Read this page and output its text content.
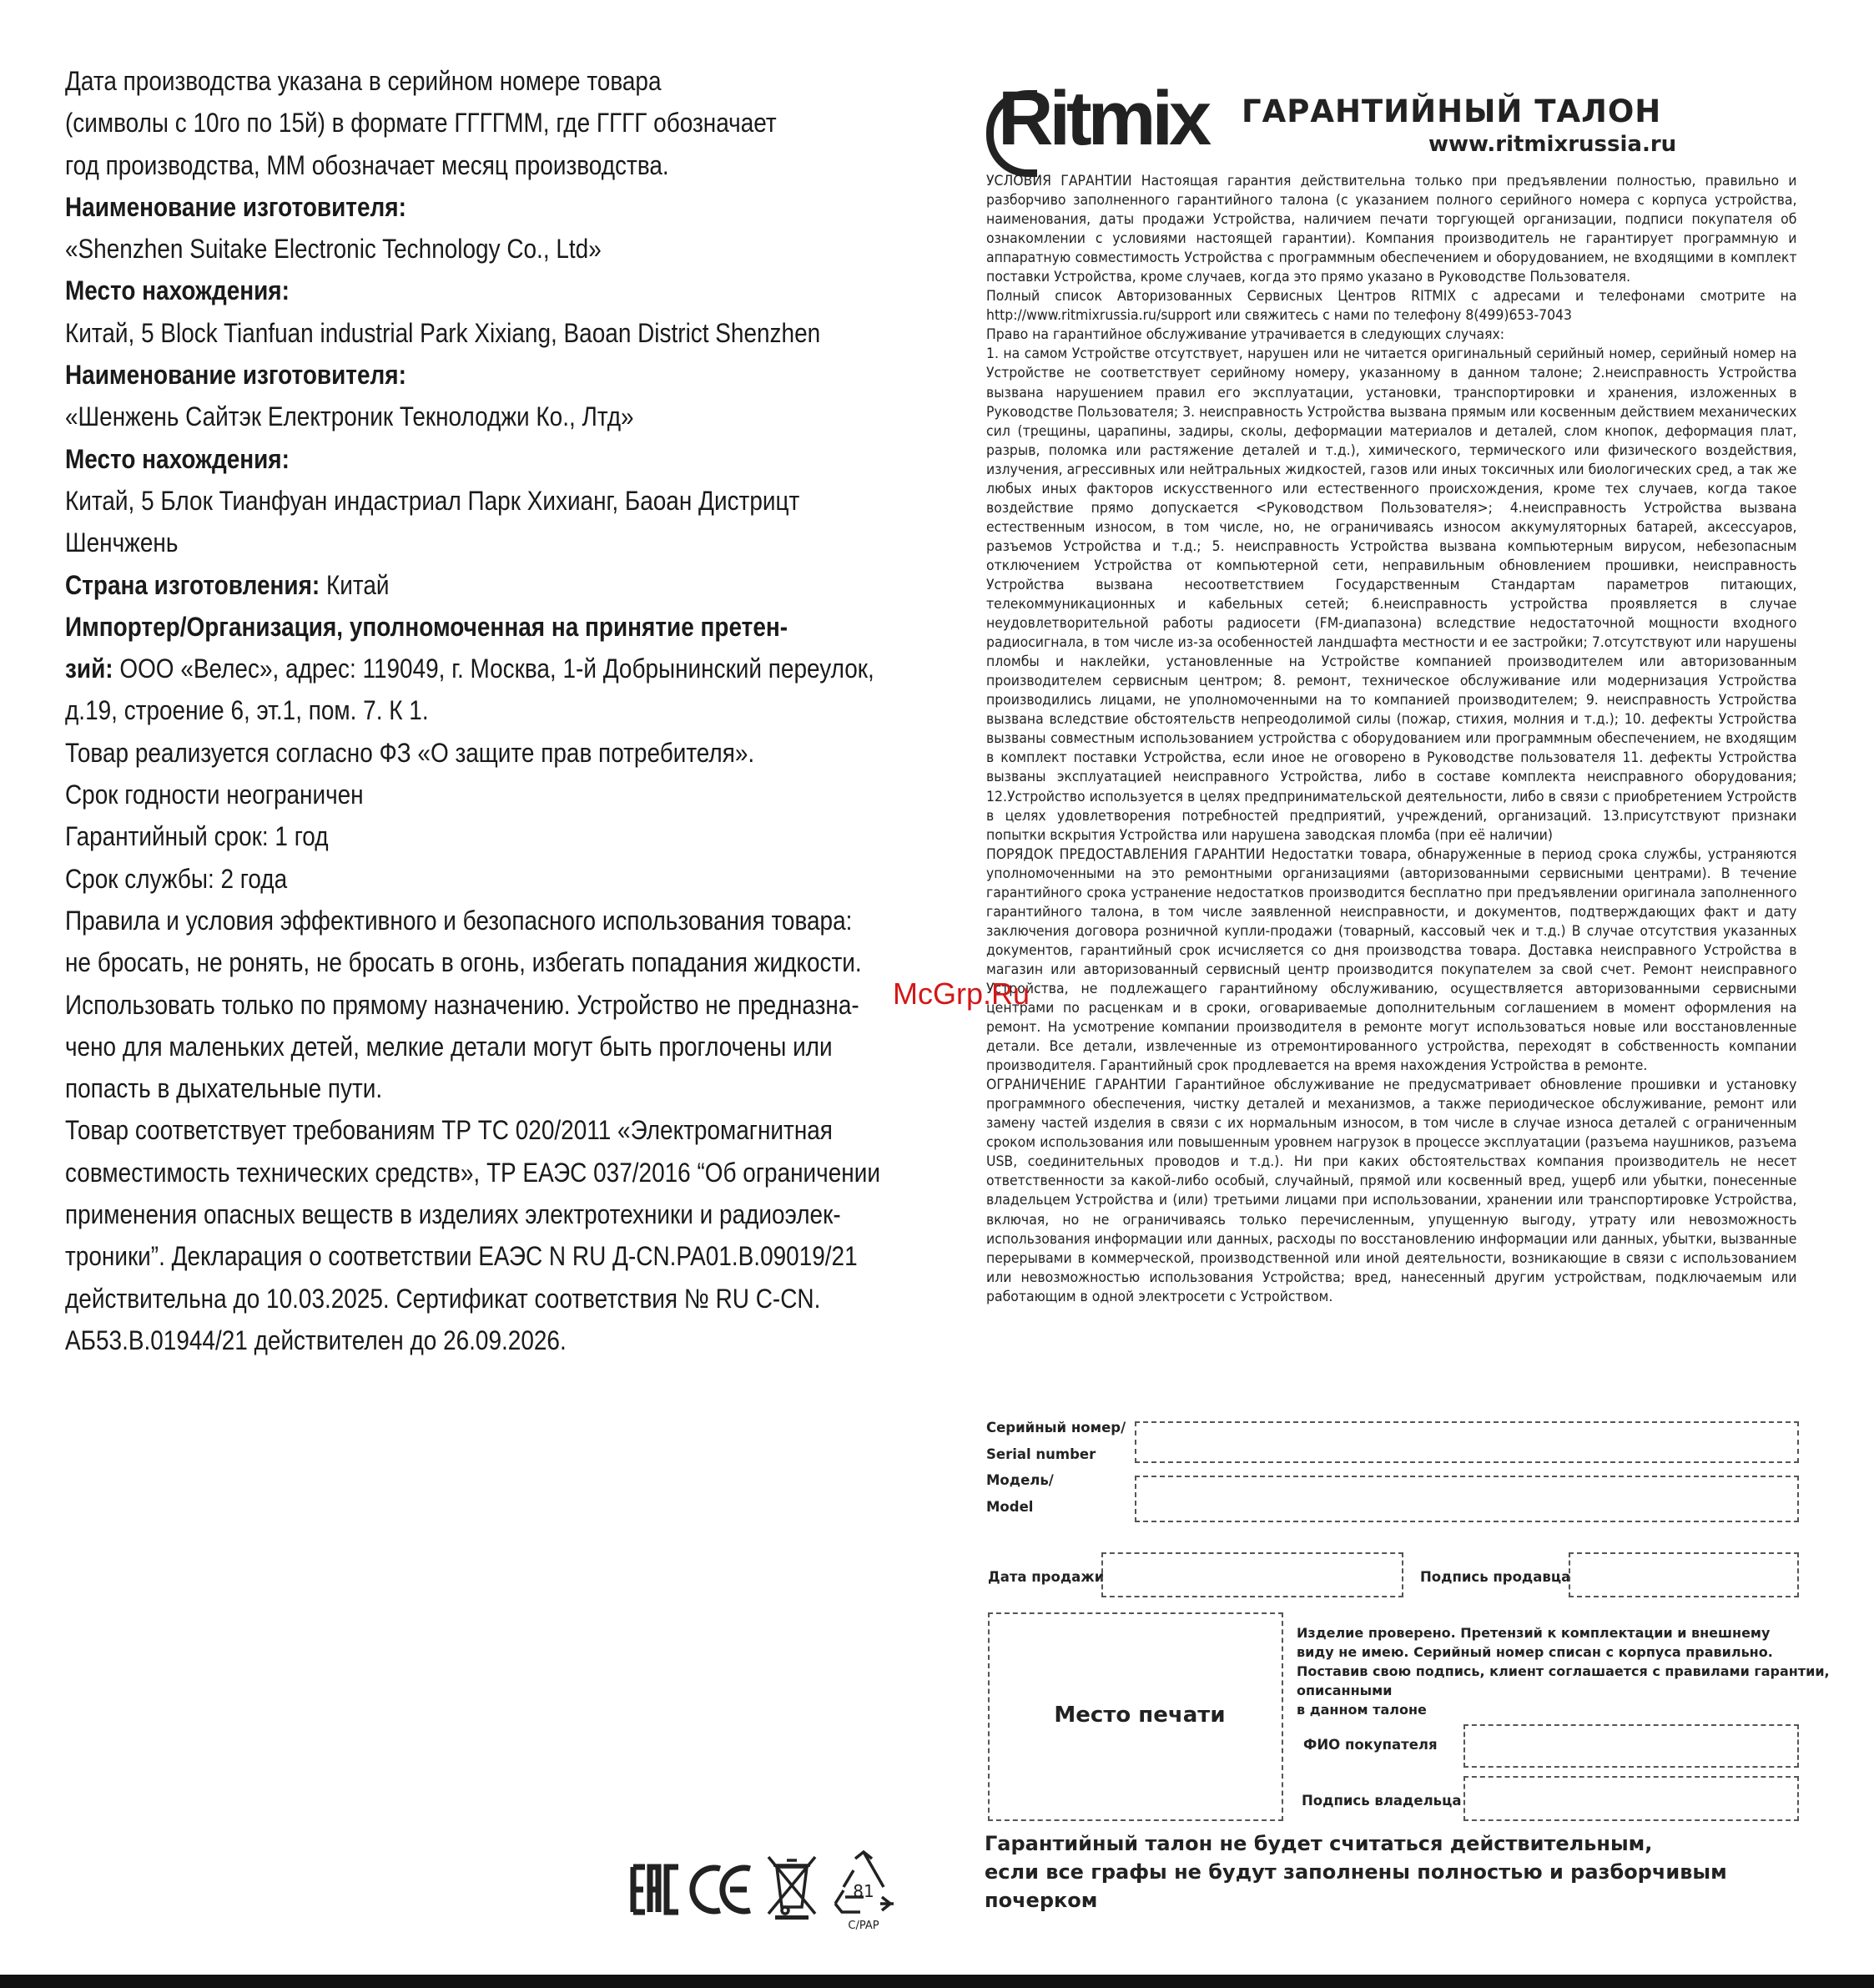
Дата производства указана в серийном номере товара

(символы с 10го по 15й) в формате ГГГГММ, где ГГГГ обозначает

год производства, ММ обозначает месяц производства.

Наименование изготовителя:

«Shenzhen Suitake Electronic Technology Co., Ltd»

Место нахождения:

Китай, 5 Block Tianfuan industrial Park Xixiang, Baoan District Shenzhen

Наименование изготовителя:

«Шенжень Сайтэк Електроник Текнолоджи Ко., Лтд»

Место нахождения:

Китай, 5 Блок Тианфуан индастриал Парк Хихианг, Баоан Дистрицт

Шенчжень

Страна изготовления: Китай

Импортер/Организация, уполномоченная на принятие претен-

зий: ООО «Велес», адрес: 119049, г. Москва, 1-й Добрынинский переулок,

д.19, строение 6, эт.1, пом. 7. К 1.

Товар реализуется согласно ФЗ «О защите прав потребителя».

Срок годности неограничен

Гарантийный срок: 1 год

Срок службы: 2 года

Правила и условия эффективного и безопасного использования товара:

не бросать, не ронять, не бросать в огонь, избегать попадания жидкости.

Использовать только по прямому назначению. Устройство не предназна-

чено для маленьких детей, мелкие детали могут быть проглочены или

попасть в дыхательные пути.

Товар соответствует требованиям ТР ТС 020/2011 «Электромагнитная

совместимость технических средств», ТР ЕАЭС 037/2016 “Об ограничении

применения опасных веществ в изделиях электротехники и радиоэлек-

троники”. Декларация о соответствии ЕАЭС N RU Д-CN.РА01.В.09019/21

действительна до 10.03.2025. Сертификат соответствия № RU C-CN.

АБ53.В.01944/21 действителен до 26.09.2026.

EAC	CE
81
C/PAP
Ritmix ГАРАНТИЙНЫЙ ТАЛОН
www.ritmixrussia.ru

УСЛОВИЯ ГАРАНТИИ Настоящая гарантия действительна только при предъявлении полностью, правильно и разборчиво заполненного гарантийного талона (с указанием полного серийного номера с корпуса устройства, наименования, даты продажи Устройства, наличием печати торгующей организации, подписи покупателя об ознакомлении с условиями настоящей гарантии). Компания производитель не гарантирует программную и аппаратную совместимость Устройства с программным обеспечением и оборудованием, не входящими в комплект поставки Устройства, кроме случаев, когда это прямо указано в Руководстве Пользователя.

Полный список Авторизованных Сервисных Центров RITMIX с адресами и телефонами смотрите на http://www.ritmixrussia.ru/support или свяжитесь с нами по телефону 8(499)653-7043

Право на гарантийное обслуживание утрачивается в следующих случаях:

1. на самом Устройстве отсутствует, нарушен или не читается оригинальный серийный номер, серийный номер на Устройстве не соответствует серийному номеру, указанному в данном талоне; 2.неисправность Устройства вызвана нарушением правил его эксплуатации, установки, транспортировки и хранения, изложенных в Руководстве Пользователя; 3. неисправность Устройства вызвана прямым или косвенным действием механических сил (трещины, царапины, задиры, сколы, деформации материалов и деталей, слом кнопок, деформация плат, разрыв, поломка или растяжение деталей и т.д.), химического, термического или физического воздействия, излучения, агрессивных или нейтральных жидкостей, газов или иных токсичных или биологических сред, а так же любых иных факторов искусственного или естественного происхождения, кроме тех случаев, когда такое воздействие прямо допускается <Руководством Пользователя>; 4.неисправность Устройства вызвана естественным износом, в том числе, но, не ограничиваясь износом аккумуляторных батарей, аксессуаров, разъемов Устройства и т.д.; 5. неисправность Устройства вызвана компьютерным вирусом, небезопасным отключением Устройства от компьютерной сети, неправильным обновлением прошивки, неисправность Устройства вызвана несоответствием Государственным Стандартам параметров питающих, телекоммуникационных и кабельных сетей; 6.неисправность устройства проявляется в случае неудовлетворительной работы радиосети (FM-диапазона) вследствие недостаточной мощности входного радиосигнала, в том числе из-за особенностей ландшафта местности и ее застройки; 7.отсутствуют или нарушены пломбы и наклейки, установленные на Устройстве компанией производителем или авторизованным производителем сервисным центром; 8. ремонт, техническое обслуживание или модернизация Устройства производились лицами, не уполномоченными на то компанией производителем; 9. неисправность Устройства вызвана вследствие обстоятельств непреодолимой силы (пожар, стихия, молния и т.д.); 10. дефекты Устройства вызваны совместным использованием устройства с оборудованием или программным обеспечением, не входящим в комплект поставки Устройства, если иное не оговорено в Руководстве пользователя 11. дефекты Устройства вызваны эксплуатацией неисправного Устройства, либо в составе комплекта неисправного оборудования; 12.Устройство используется в целях предпринимательской деятельности, либо в связи с приобретением Устройств в целях удовлетворения потребностей предприятий, учреждений, организаций. 13.присутствуют признаки попытки вскрытия Устройства или нарушена заводская пломба (при её наличии)

ПОРЯДОК ПРЕДОСТАВЛЕНИЯ ГАРАНТИИ Недостатки товара, обнаруженные в период срока службы, устраняются уполномоченными на это ремонтными организациями (авторизованными сервисными центрами). В течение гарантийного срока устранение недостатков производится бесплатно при предъявлении оригинала заполненного гарантийного талона, в том числе заявленной неисправности, и документов, подтверждающих факт и дату заключения договора розничной купли-продажи (товарный, кассовый чек и т.д.) В случае отсутствия указанных документов, гарантийный срок исчисляется со дня производства товара. Доставка неисправного Устройства в магазин или авторизованный сервисный центр производится покупателем за свой счет. Ремонт неисправного Устройства, не подлежащего гарантийному обслуживанию, осуществляется авторизованными сервисными центрами по расценкам и в сроки, оговариваемые дополнительным соглашением в момент оформления на ремонт. На усмотрение компании производителя в ремонте могут использоваться новые или восстановленные детали. Все детали, извлеченные из отремонтированного устройства, переходят в собственность компании производителя. Гарантийный срок продлевается на время нахождения Устройства в ремонте.

ОГРАНИЧЕНИЕ ГАРАНТИИ Гарантийное обслуживание не предусматривает обновление прошивки и установку программного обеспечения, чистку деталей и механизмов, а также периодическое обслуживание, ремонт или замену частей изделия в связи с их нормальным износом, в том числе в случае износа деталей с ограниченным сроком использования или повышенным уровнем нагрузок в процессе эксплуатации (разъема наушников, разъема USB, соединительных проводов и т.д.). Ни при каких обстоятельствах компания производитель не несет ответственности за какой-либо особый, случайный, прямой или косвенный вред, ущерб или убытки, понесенные владельцем Устройства и (или) третьими лицами при использовании, хранении или транспортировке Устройства, включая, но не ограничиваясь только перечисленным, упущенную выгоду, утрату или невозможность использования информации или данных, расходы по восстановлению информации или данных, убытки, вызванные перерывами в коммерческой, производственной или иной деятельности, возникающие в связи с использованием или невозможностью использования Устройства; вред, нанесенный другим устройствам, подключаемым или работающим в одной электросети с Устройством.

McGrp.Ru
Серийный номер/
Serial number
Модель/
Model
Дата продажи	Подпись продавца
Место печати
Изделие проверено. Претензий к комплектации и внешнему
виду не имею. Серийный номер списан с корпуса правильно.
Поставив свою подпись, клиент соглашается с правилами гарантии,
описанными
в данном талоне
ФИО покупателя
Подпись владельца
Гарантийный талон не будет считаться действительным,
если все графы не будут заполнены полностью и разборчивым
почерком
